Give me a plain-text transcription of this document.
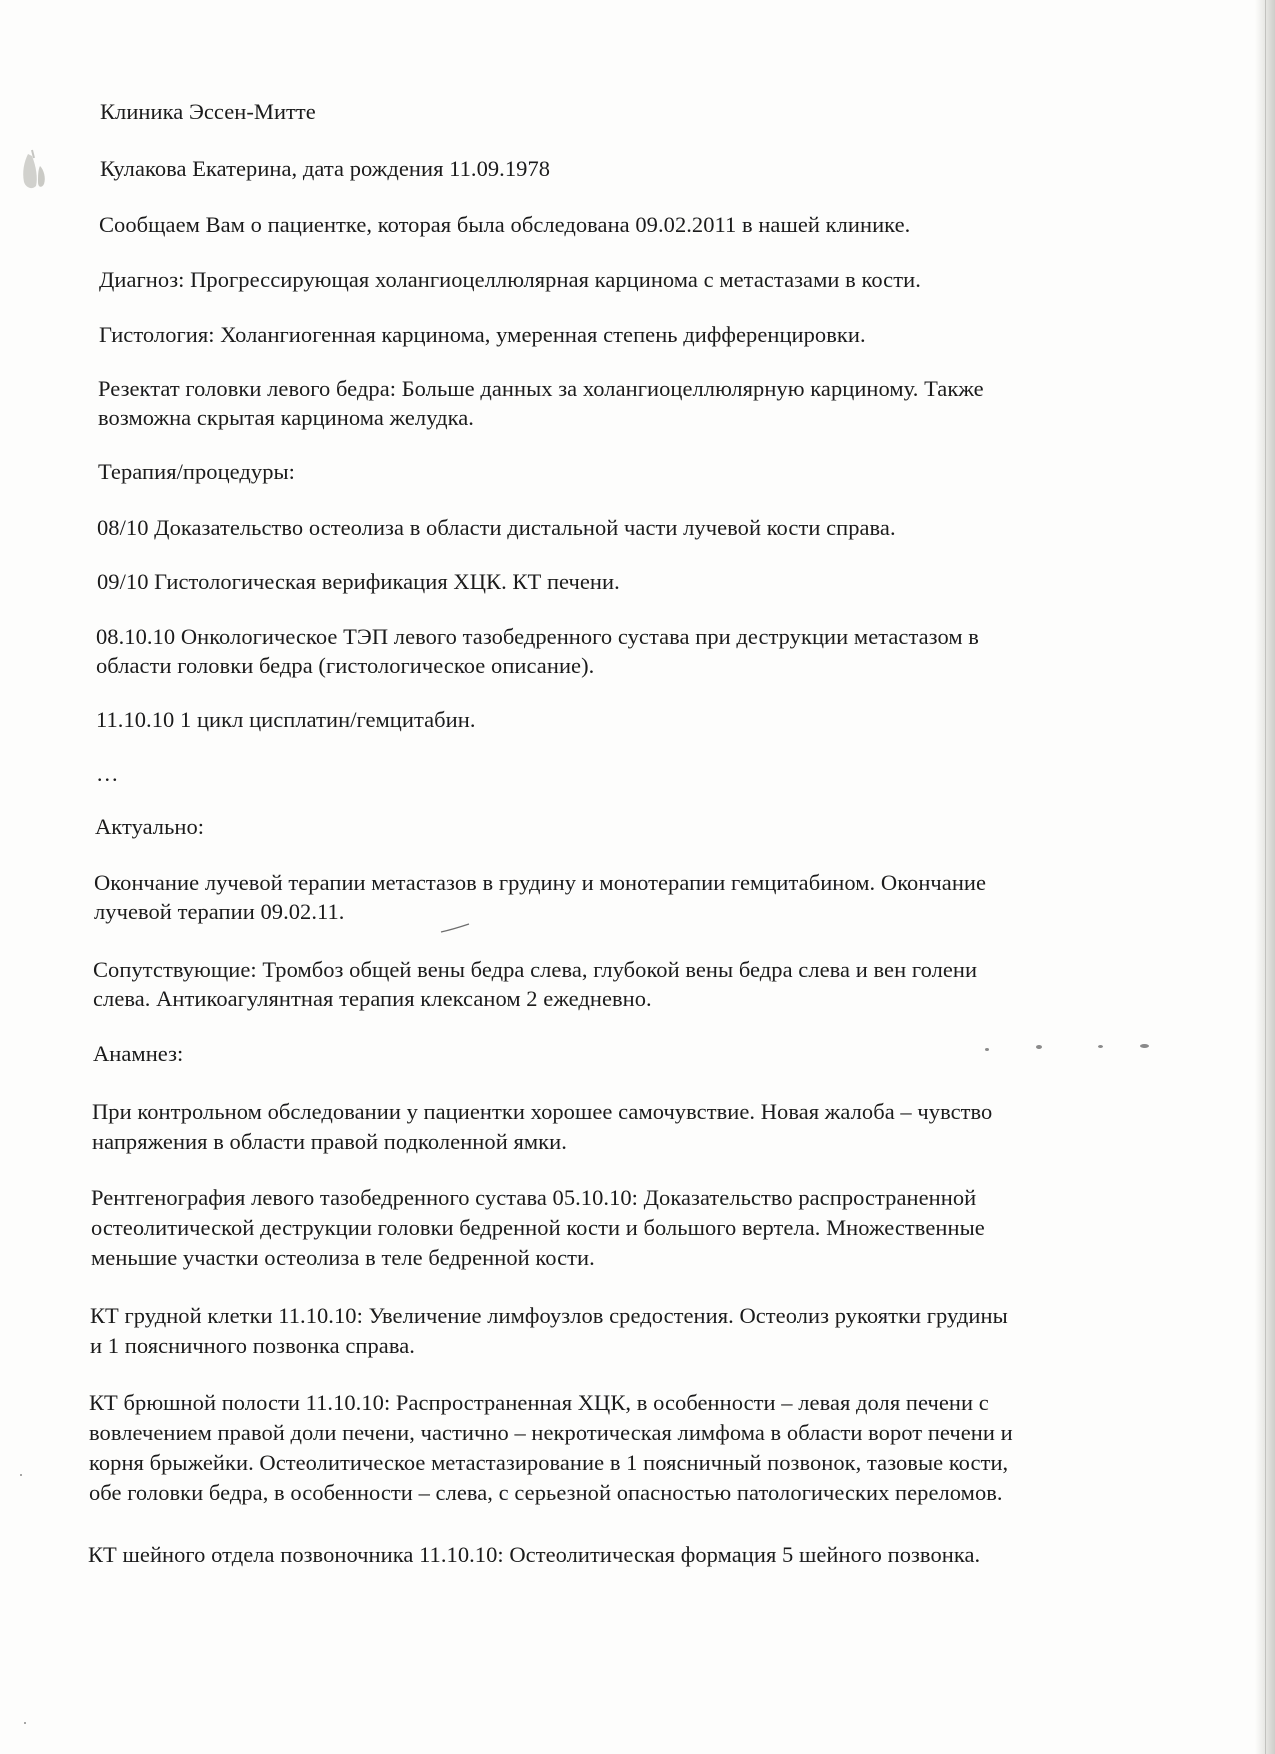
Клиника Эссен-Митте
Кулакова Екатерина, дата рождения 11.09.1978
Сообщаем Вам о пациентке, которая была обследована 09.02.2011 в нашей клинике.
Диагноз: Прогрессирующая холангиоцеллюлярная карцинома с метастазами в кости.
Гистология: Холангиогенная карцинома, умеренная степень дифференцировки.
Резектат головки левого бедра: Больше данных за холангиоцеллюлярную карциному. Также
возможна скрытая карцинома желудка.
Терапия/процедуры:
08/10 Доказательство остеолиза в области дистальной части лучевой кости справа.
09/10 Гистологическая верификация ХЦК. КТ печени.
08.10.10 Онкологическое ТЭП левого тазобедренного сустава при деструкции метастазом в
области головки бедра (гистологическое описание).
11.10.10 1 цикл цисплатин/гемцитабин.
…
Актуально:
Окончание лучевой терапии метастазов в грудину и монотерапии гемцитабином. Окончание
лучевой терапии 09.02.11.
Сопутствующие: Тромбоз общей вены бедра слева, глубокой вены бедра слева и вен голени
слева. Антикоагулянтная терапия клексаном 2 ежедневно.
Анамнез:
При контрольном обследовании у пациентки хорошее самочувствие. Новая жалоба – чувство
напряжения в области правой подколенной ямки.
Рентгенография левого тазобедренного сустава 05.10.10: Доказательство распространенной
остеолитической деструкции головки бедренной кости и большого вертела. Множественные
меньшие участки остеолиза в теле бедренной кости.
КТ грудной клетки 11.10.10: Увеличение лимфоузлов средостения. Остеолиз рукоятки грудины
и 1 поясничного позвонка справа.
КТ брюшной полости 11.10.10: Распространенная ХЦК, в особенности – левая доля печени с
вовлечением правой доли печени, частично – некротическая лимфома в области ворот печени и
корня брыжейки. Остеолитическое метастазирование в 1 поясничный позвонок, тазовые кости,
обе головки бедра, в особенности – слева, с серьезной опасностью патологических переломов.
КТ шейного отдела позвоночника 11.10.10: Остеолитическая формация 5 шейного позвонка.
